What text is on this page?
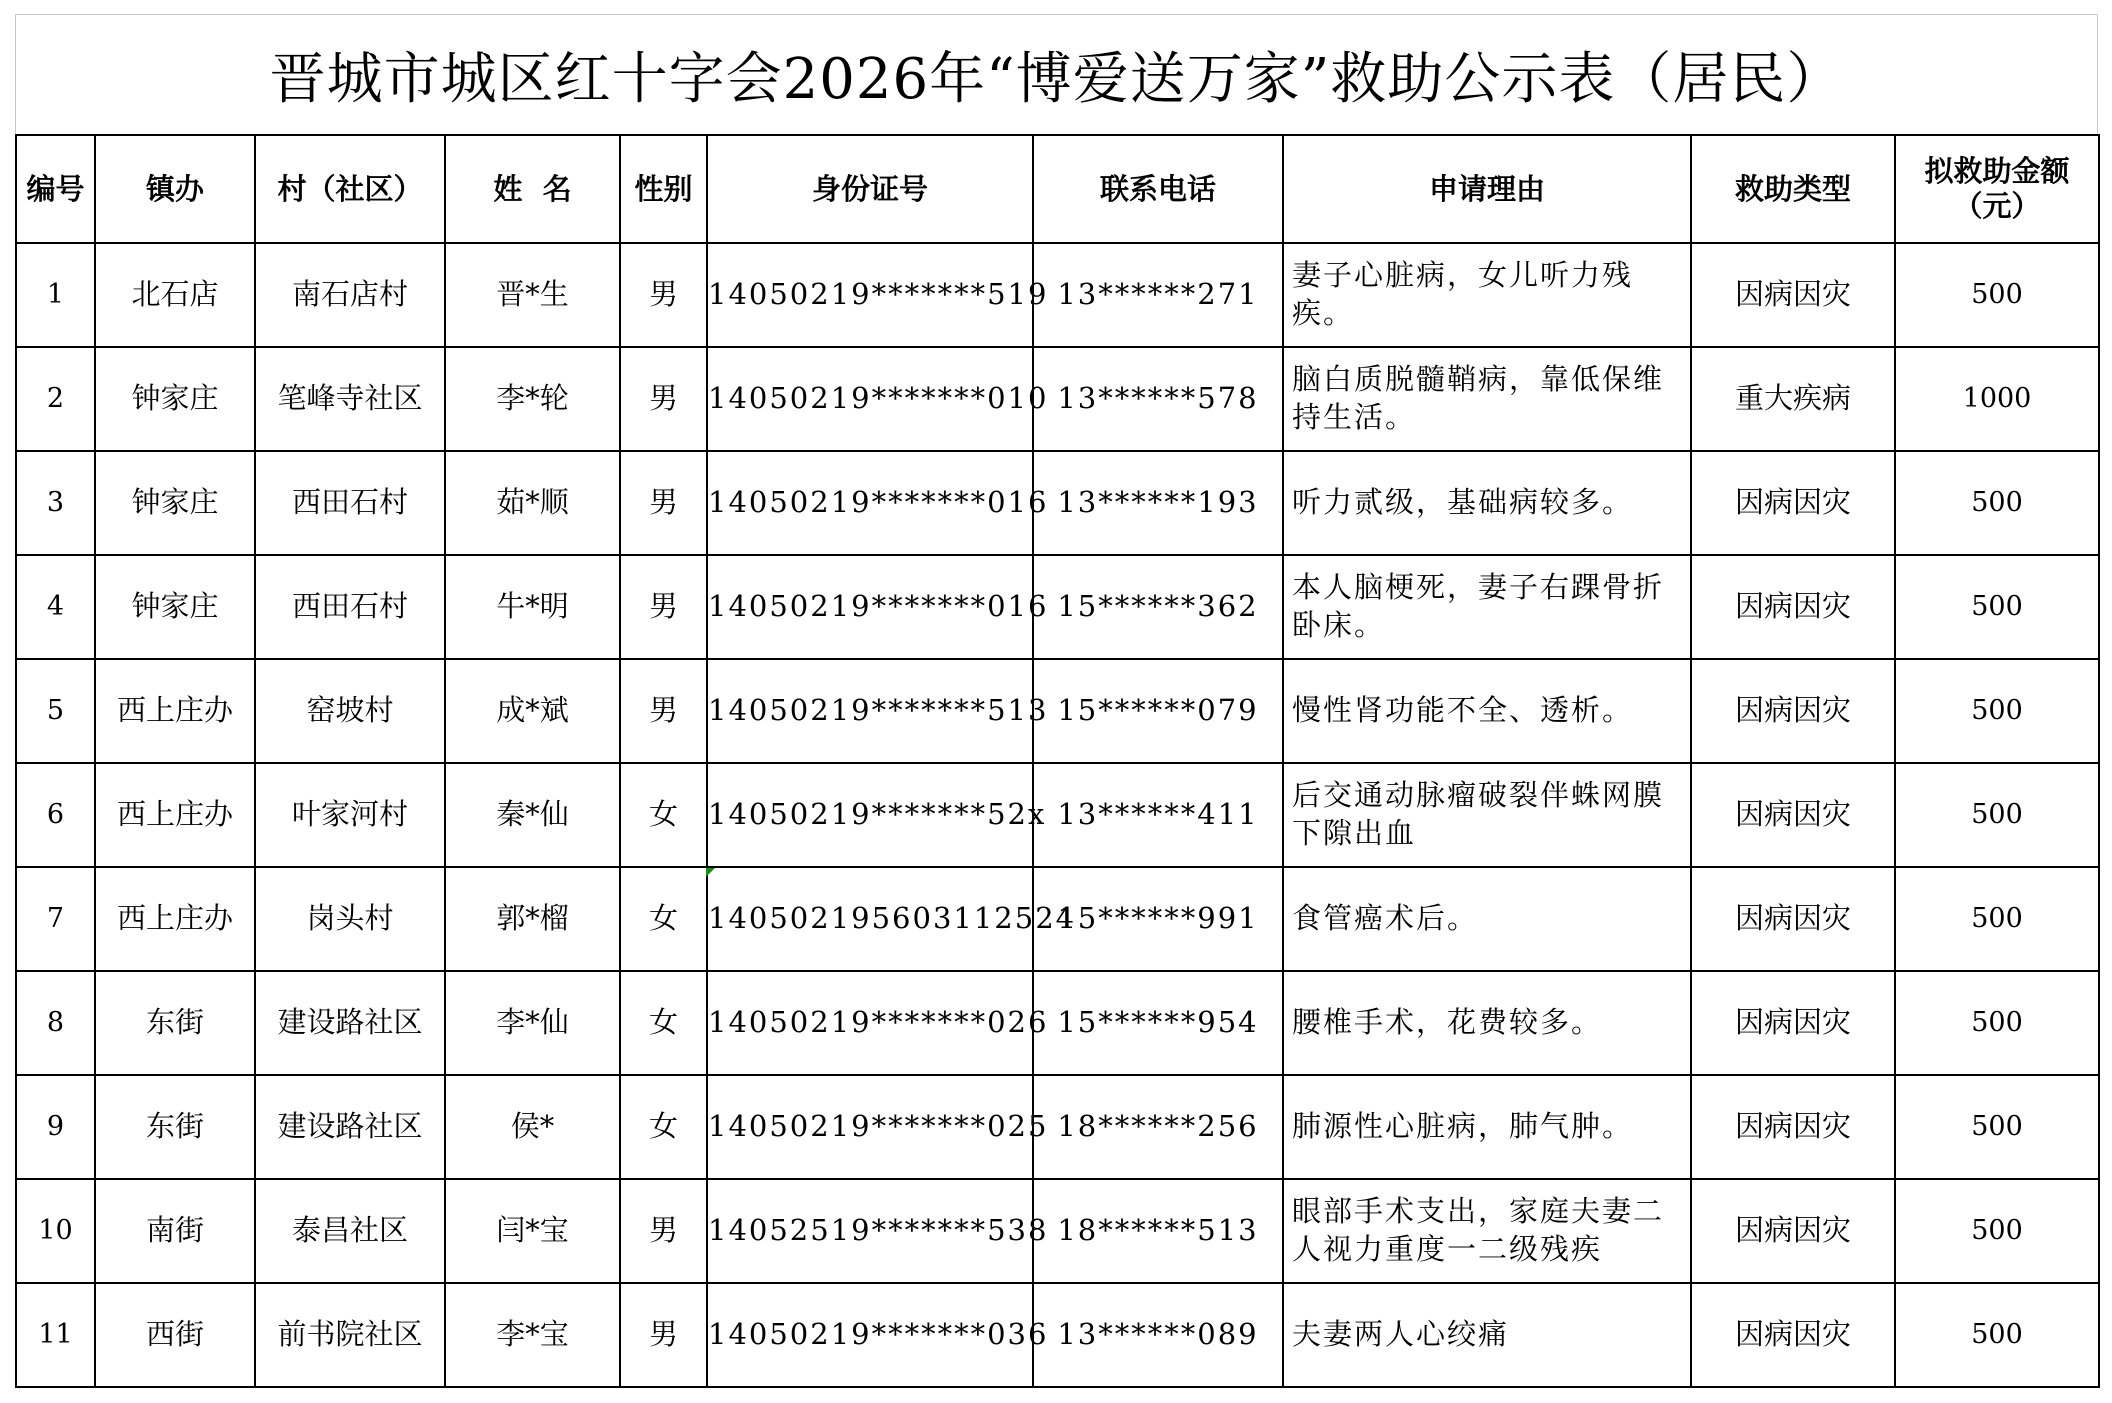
晋城市城区红十字会2026年“博爱送万家”救助公示表（居民）
编号	镇办	村（社区）	姓  名	性别	身份证号	联系电话	申请理由	救助类型	拟救助金额（元）
1	北石店	南石店村	晋*生	男	14050219*******519	13******271	妻子心脏病，女儿听力残疾。	因病因灾	500
2	钟家庄	笔峰寺社区	李*轮	男	14050219*******010	13******578	脑白质脱髓鞘病，靠低保维持生活。	重大疾病	1000
3	钟家庄	西田石村	茹*顺	男	14050219*******016	13******193	听力贰级，基础病较多。	因病因灾	500
4	钟家庄	西田石村	牛*明	男	14050219*******016	15******362	本人脑梗死，妻子右踝骨折卧床。	因病因灾	500
5	西上庄办	窑坡村	成*斌	男	14050219*******513	15******079	慢性肾功能不全、透析。	因病因灾	500
6	西上庄办	叶家河村	秦*仙	女	14050219*******52x	13******411	后交通动脉瘤破裂伴蛛网膜下隙出血	因病因灾	500
7	西上庄办	岗头村	郭*榴	女	140502195603112524	15******991	食管癌术后。	因病因灾	500
8	东街	建设路社区	李*仙	女	14050219*******026	15******954	腰椎手术，花费较多。	因病因灾	500
9	东街	建设路社区	侯*	女	14050219*******025	18******256	肺源性心脏病，肺气肿。	因病因灾	500
10	南街	泰昌社区	闫*宝	男	14052519*******538	18******513	眼部手术支出，家庭夫妻二人视力重度一二级残疾	因病因灾	500
11	西街	前书院社区	李*宝	男	14050219*******036	13******089	夫妻两人心绞痛	因病因灾	500
